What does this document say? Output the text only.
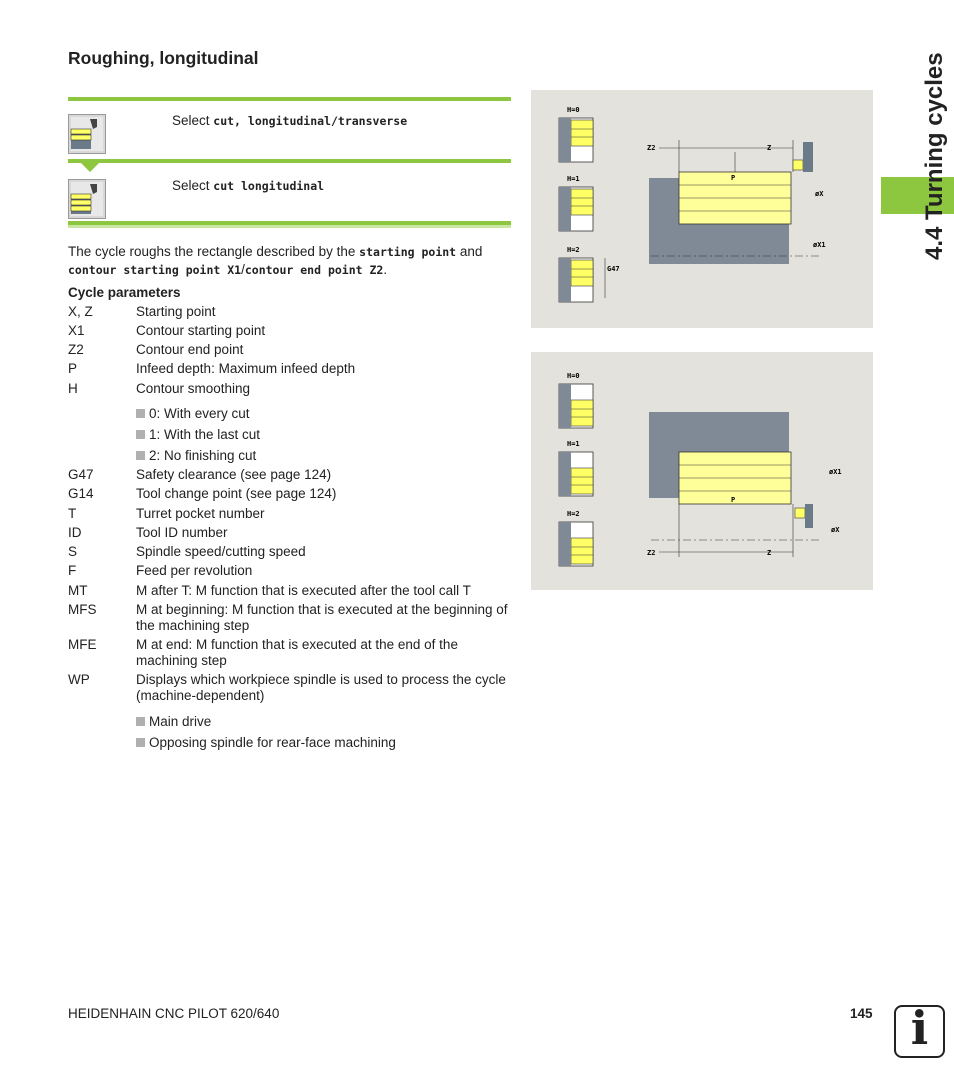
Roughing, longitudinal
Select cut, longitudinal/transverse
Select cut longitudinal
The cycle roughs the rectangle described by the starting point and
contour starting point X1/contour end point Z2.
Cycle parameters
X, Z	Starting point
X1	Contour starting point
Z2	Contour end point
P	Infeed depth: Maximum infeed depth
H	Contour smoothing
0: With every cut
1: With the last cut
2: No finishing cut
G47	Safety clearance (see page 124)
G14	Tool change point (see page 124)
T	Turret pocket number
ID	Tool ID number
S	Spindle speed/cutting speed
F	Feed per revolution
MT	M after T: M function that is executed after the tool call T
MFS	M at beginning: M function that is executed at the beginning of the machining step
MFE	M at end: M function that is executed at the end of the machining step
WP	Displays which workpiece spindle is used to process the cycle (machine-dependent)
Main drive
Opposing spindle for rear-face machining
H=0
H=1
H=2
G47
P
Z2	Z
øX
øX1
H=0
H=1
H=2
P
Z2	Z
øX1
øX
4.4 Turning cycles
HEIDENHAIN CNC PILOT 620/640	145 i
